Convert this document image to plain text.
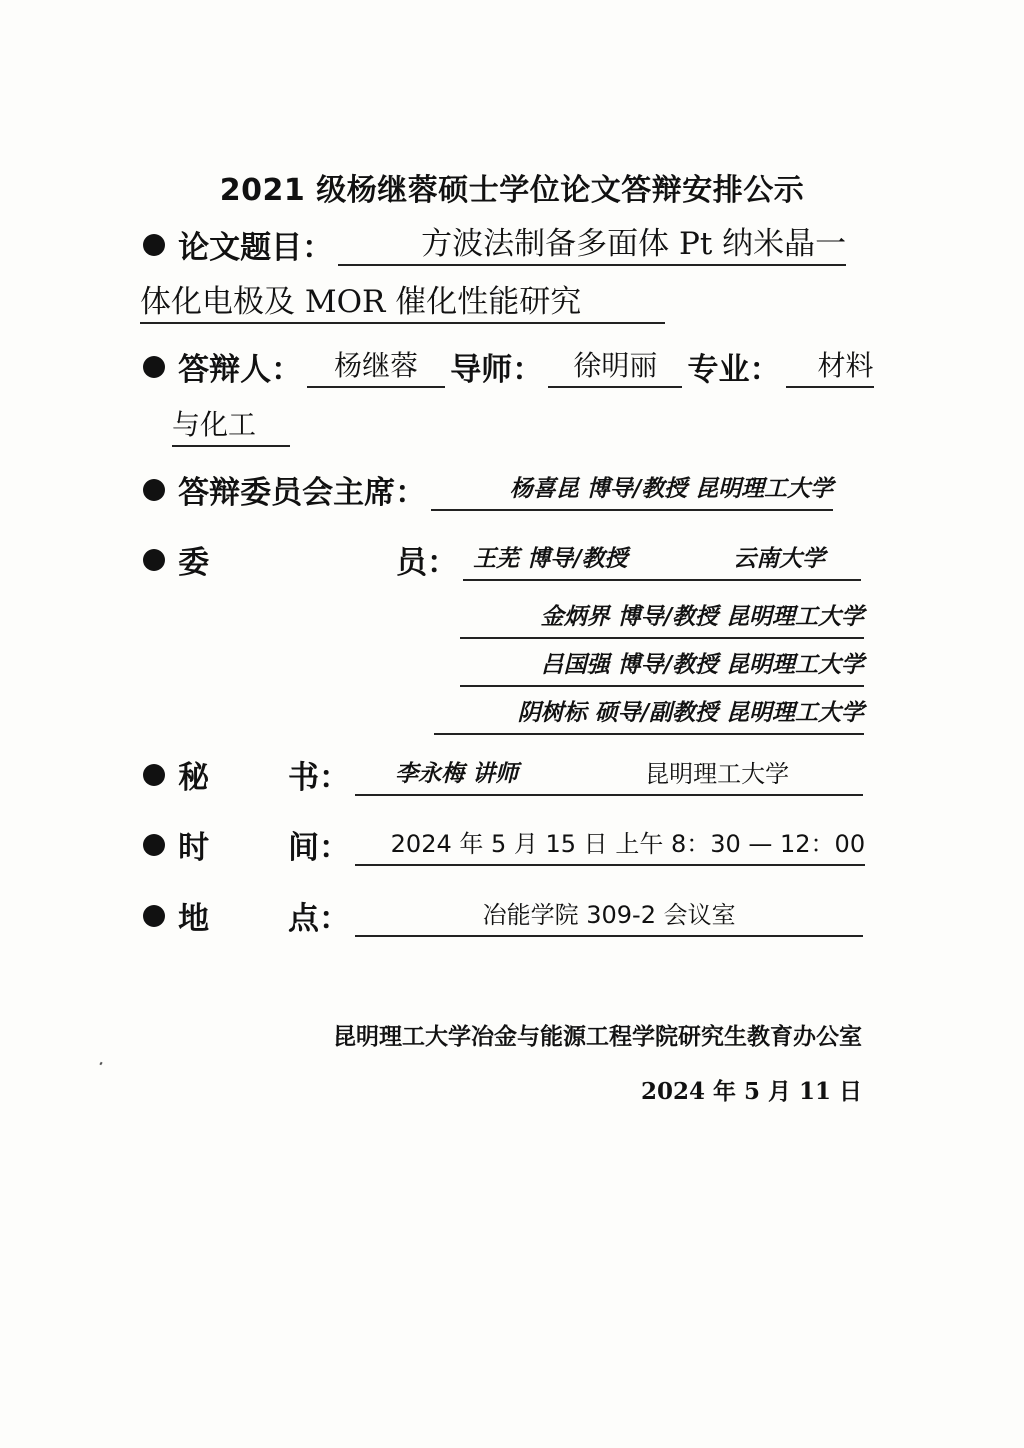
2021 级杨继蓉硕士学位论文答辩安排公示
论文题目：	方波法制备多面体 Pt 纳米晶一
体化电极及 MOR 催化性能研究
答辩人： 杨继蓉 导师： 徐明丽 专业： 材料
与化工
答辩委员会主席：	杨喜昆 博导/教授 昆明理工大学
委	员： 王芜 博导/教授	云南大学
金炳界 博导/教授 昆明理工大学
吕国强 博导/教授 昆明理工大学
阴树标 硕导/副教授 昆明理工大学
秘	书： 李永梅 讲师	昆明理工大学
时	间： 2024 年 5 月 15 日 上午 8：30 — 12：00
地	点：	冶能学院 309-2 会议室
昆明理工大学冶金与能源工程学院研究生教育办公室
2024 年 5 月 11 日
